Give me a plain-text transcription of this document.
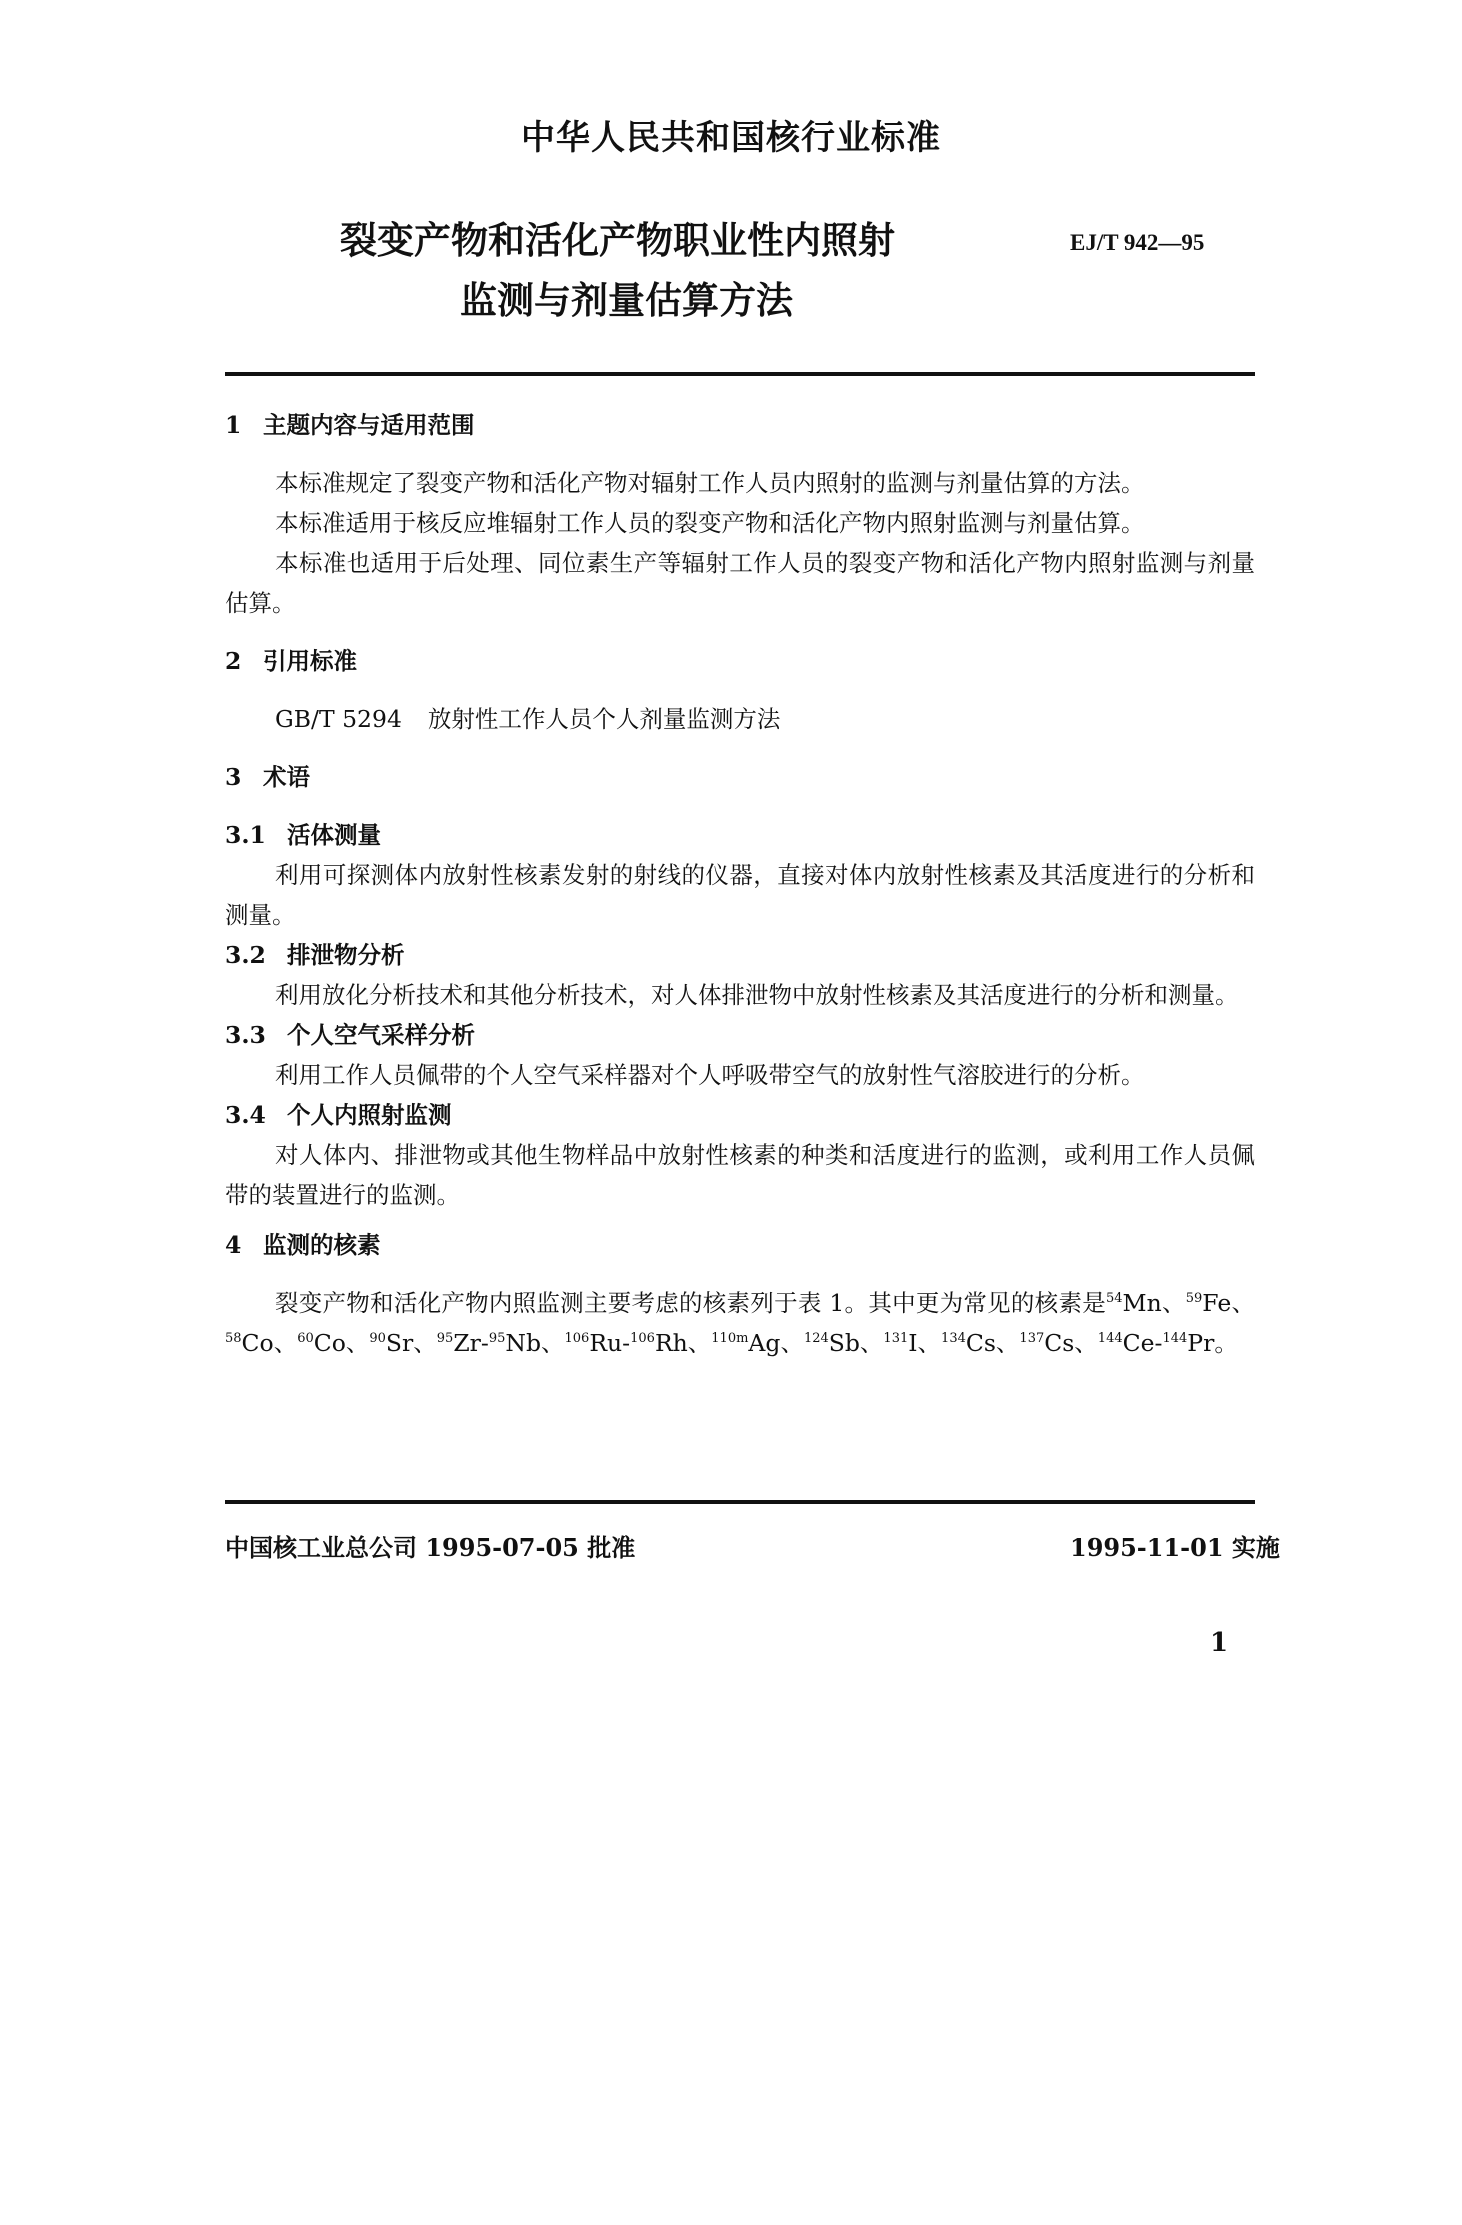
中华人民共和国核行业标准
裂变产物和活化产物职业性内照射
监测与剂量估算方法
EJ/T 942—95

1 主题内容与适用范围

本标准规定了裂变产物和活化产物对辐射工作人员内照射的监测与剂量估算的方法。

本标准适用于核反应堆辐射工作人员的裂变产物和活化产物内照射监测与剂量估算。

本标准也适用于后处理、同位素生产等辐射工作人员的裂变产物和活化产物内照射监测与剂量估算。

2 引用标准

GB/T 5294 放射性工作人员个人剂量监测方法

3 术语

3.1 活体测量

利用可探测体内放射性核素发射的射线的仪器，直接对体内放射性核素及其活度进行的分析和测量。

3.2 排泄物分析

利用放化分析技术和其他分析技术，对人体排泄物中放射性核素及其活度进行的分析和测量。

3.3 个人空气采样分析

利用工作人员佩带的个人空气采样器对个人呼吸带空气的放射性气溶胶进行的分析。

3.4 个人内照射监测

对人体内、排泄物或其他生物样品中放射性核素的种类和活度进行的监测，或利用工作人员佩带的装置进行的监测。

4 监测的核素

裂变产物和活化产物内照监测主要考虑的核素列于表 1。其中更为常见的核素是$^{54}$Mn、$^{59}$Fe、$^{58}$Co、$^{60}$Co、$^{90}$Sr、$^{95}$Zr-$^{95}$Nb、$^{106}$Ru-$^{106}$Rh、$^{110m}$Ag、$^{124}$Sb、$^{131}$I、$^{134}$Cs、$^{137}$Cs、$^{144}$Ce-$^{144}$Pr。

中国核工业总公司 1995-07-05 批准	1995-11-01 实施
1
